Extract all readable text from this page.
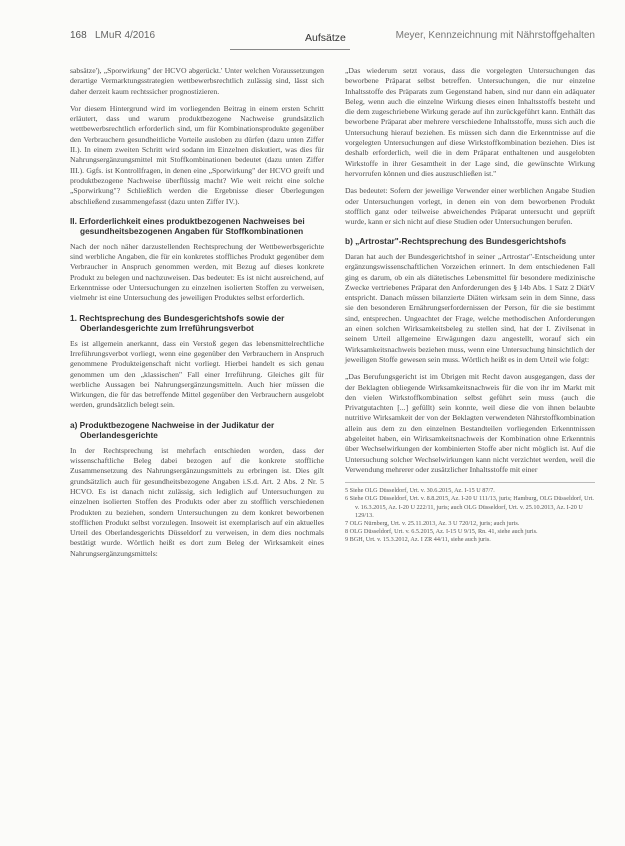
168 LMuR 4/2016	Aufsätze	Meyer, Kennzeichnung mit Nährstoffgehalten

sabsätze'), „Sporwirkung" der HCVO abgerückt.' Unter welchen Voraussetzungen derartige Vermarktungsstrategien wettbewerbsrechtlich zulässig sind, lässt sich daher derzeit kaum rechtssicher prognostizieren.

Vor diesem Hintergrund wird im vorliegenden Beitrag in einem ersten Schritt erläutert, dass und warum produktbezogene Nachweise grundsätzlich wettbewerbsrechtlich erforderlich sind, um für Kombinationsprodukte gegenüber den Verbrauchern gesundheitliche Vorteile ausloben zu dürfen (dazu unten Ziffer II.). In einem zweiten Schritt wird sodann im Einzelnen diskutiert, was dies für Nahrungsergänzungsmittel mit Stoffkombinationen bedeutet (dazu unten Ziffer III.). Ggfs. ist Kontrollfragen, in denen eine „Sporwirkung" der HCVO greift und produktbezogene Nachweise überflüssig macht? Wie weit reicht eine solche „Sporwirkung"? Schließlich werden die Ergebnisse dieser Überlegungen abschließend zusammengefasst (dazu unten Ziffer IV.).

II. Erforderlichkeit eines produktbezogenen Nachweises bei gesundheitsbezogenen Angaben für Stoffkombinationen

Nach der noch näher darzustellenden Rechtsprechung der Wettbewerbsgerichte sind werbliche Angaben, die für ein konkretes stoffliches Produkt gegenüber dem Verbraucher in Anspruch genommen werden, mit Bezug auf dieses konkrete Produkt zu belegen und nachzuweisen. Das bedeutet: Es ist nicht ausreichend, auf Erkenntnisse oder Untersuchungen zu einzelnen isolierten Stoffen zu verweisen, vielmehr ist eine Untersuchung des jeweiligen Produktes selbst erforderlich.

1. Rechtsprechung des Bundesgerichtshofs sowie der Oberlandesgerichte zum Irreführungsverbot

Es ist allgemein anerkannt, dass ein Verstoß gegen das lebensmittelrechtliche Irreführungsverbot vorliegt, wenn eine gegenüber den Verbrauchern in Anspruch genommene Produkteigenschaft nicht vorliegt. Hierbei handelt es sich genau genommen um den „klassischen" Fall einer Irreführung. Gleiches gilt für werbliche Aussagen bei Nahrungsergänzungsmitteln. Auch hier müssen die Wirkungen, die für das betreffende Mittel gegenüber den Verbrauchern ausgelobt werden, grundsätzlich belegt sein.

a) Produktbezogene Nachweise in der Judikatur der Oberlandesgerichte

In der Rechtsprechung ist mehrfach entschieden worden, dass der wissenschaftliche Beleg dabei bezogen auf die konkrete stoffliche Zusammensetzung des Nahrungsergänzungsmittels zu erbringen ist. Dies gilt grundsätzlich auch für gesundheitsbezogene Angaben i.S.d. Art. 2 Abs. 2 Nr. 5 HCVO. Es ist danach nicht zulässig, sich lediglich auf Untersuchungen zu einzelnen isolierten Stoffen des Produkts oder aber zu stofflich verschiedenen Produkten zu beziehen, sondern Untersuchungen zu dem konkret beworbenen stofflichen Produkt selbst vorzulegen. Insoweit ist exemplarisch auf ein aktuelles Urteil des Oberlandesgerichts Düsseldorf zu verweisen, in dem dies nochmals bestätigt wurde. Wörtlich heißt es dort zum Beleg der Wirksamkeit eines Nahrungsergänzungsmittels:

„Das wiederum setzt voraus, dass die vorgelegten Untersuchungen das beworbene Präparat selbst betreffen. Untersuchungen, die nur einzelne Inhaltsstoffe des Präparats zum Gegenstand haben, sind nur dann ein adäquater Beleg, wenn auch die einzelne Wirkung dieses einen Inhaltsstoffs besteht und die dem zugeschriebene Wirkung gerade auf ihn zurückgeführt kann. Enthält das beworbene Präparat aber mehrere verschiedene Inhaltsstoffe, muss sich auch die Untersuchung hierauf beziehen. Es müssen sich dann die Erkenntnisse auf die vorgelegten Untersuchungen auf diese Wirkstoffkombination beziehen. Dies ist deshalb erforderlich, weil die in dem Präparat enthaltenen und ausgelobten Wirkstoffe in ihrer Gesamtheit in der Lage sind, die gewünschte Wirkung hervorrufen können und dies auszuschließen ist."

Das bedeutet: Sofern der jeweilige Verwender einer werblichen Angabe Studien oder Untersuchungen vorlegt, in denen ein von dem beworbenen Produkt stofflich ganz oder teilweise abweichendes Präparat untersucht und geprüft wurde, kann er sich nicht auf diese Studien oder Untersuchungen berufen.

b) „Artrostar"-Rechtsprechung des Bundesgerichtshofs

Daran hat auch der Bundesgerichtshof in seiner „Artrostar"-Entscheidung unter ergänzungswissenschaftlichen Vorzeichen erinnert. In dem entschiedenen Fall ging es darum, ob ein als diätetisches Lebensmittel für besondere medizinische Zwecke vertriebenes Präparat den Anforderungen des § 14b Abs. 1 Satz 2 DiätV entspricht. Danach müssen bilanzierte Diäten wirksam sein in dem Sinne, dass sie den besonderen Ernährungserfordernissen der Person, für die sie bestimmt sind, entsprechen. Ungeachtet der Frage, welche methodischen Anforderungen an einen solchen Wirksamkeitsbeleg zu stellen sind, hat der I. Zivilsenat in seinem Urteil allgemeine Erwägungen dazu angestellt, worauf sich ein Wirksamkeitsnachweis beziehen muss, wenn eine Untersuchung hinsichtlich der jeweiligen Stoffe gewesen sein muss. Wörtlich heißt es in dem Urteil wie folgt:

„Das Berufungsgericht ist im Übrigen mit Recht davon ausgegangen, dass der der Beklagten obliegende Wirksamkeitsnachweis für die von ihr im Markt mit den vielen Wirkstoffkombination selbst geführt sein muss (auch die Privatgutachten [...] gefüllt) sein konnte, weil diese die von ihnen belaubte nutritive Wirksamkeit der von der Beklagten verwendeten Nährstoffkombination allein aus dem zu den einzelnen Bestandteilen vorliegenden Erkenntnissen abgeleitet haben, ein Wirksamkeitsnachweis der Kombination ohne Erkenntnis über Wechselwirkungen der kombinierten Stoffe aber nicht möglich ist. Auf die Untersuchung solcher Wechselwirkungen kann nicht verzichtet werden, weil die Verwendung mehrerer oder zusätzlicher Inhaltsstoffe mit einer

5 Siehe OLG Düsseldorf, Urt. v. 30.6.2015, Az. I-15 U 87/7.
6 Siehe OLG Düsseldorf, Urt. v. 8.8.2015, Az. I-20 U 111/13, juris; Hamburg, OLG Düsseldorf, Urt. v. 16.3.2015, Az. I-20 U 222/11, juris; auch OLG Düsseldorf, Urt. v. 25.10.2013, Az. I-20 U 129/13.
7 OLG Nürnberg, Urt. v. 25.11.2013, Az. 3 U 720/12, juris; auch juris.
8 OLG Düsseldorf, Urt. v. 6.5.2015, Az. I-15 U 9/15, Rn. 41, siehe auch juris.
9 BGH, Urt. v. 15.3.2012, Az. I ZR 44/11, siehe auch juris.
